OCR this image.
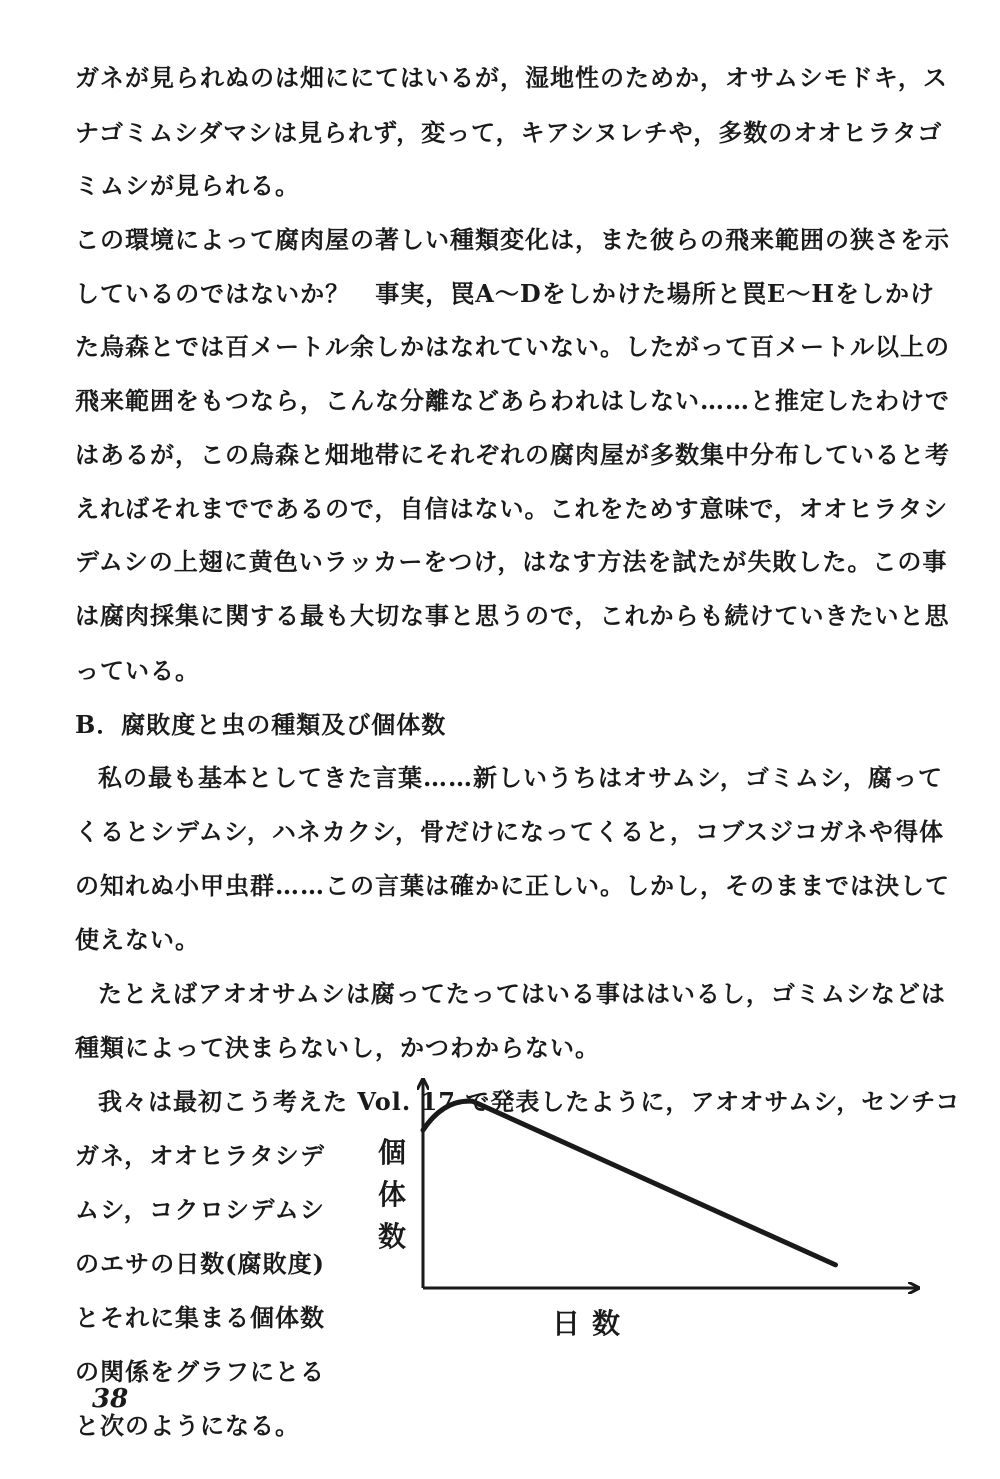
ガネが見られぬのは畑ににてはいるが，湿地性のためか，オサムシモドキ，ス
ナゴミムシダマシは見られず，変って，キアシヌレチや，多数のオオヒラタゴ
ミムシが見られる。
この環境によって腐肉屋の著しい種類変化は，また彼らの飛来範囲の狭さを示
しているのではないか？　事実，罠A～Dをしかけた場所と罠E～Hをしかけ
た烏森とでは百メートル余しかはなれていない。したがって百メートル以上の
飛来範囲をもつなら，こんな分離などあらわれはしない……と推定したわけで
はあるが，この烏森と畑地帯にそれぞれの腐肉屋が多数集中分布していると考
えればそれまでであるので，自信はない。これをためす意味で，オオヒラタシ
デムシの上翅に黄色いラッカーをつけ，はなす方法を試たが失敗した。この事
は腐肉採集に関する最も大切な事と思うので，これからも続けていきたいと思
っている。
B．腐敗度と虫の種類及び個体数
私の最も基本としてきた言葉……新しいうちはオサムシ，ゴミムシ，腐って
くるとシデムシ，ハネカクシ，骨だけになってくると，コブスジコガネや得体
の知れぬ小甲虫群……この言葉は確かに正しい。しかし，そのままでは決して
使えない。
たとえばアオオサムシは腐ってたってはいる事ははいるし，ゴミムシなどは
種類によって決まらないし，かつわからない。
我々は最初こう考えた Vol. 17 で発表したように，アオオサムシ，センチコ
ガネ，オオヒラタシデ
ムシ，コクロシデムシ
のエサの日数(腐敗度)
とそれに集まる個体数
の関係をグラフにとる
と次のようになる。
個
体
数
日数
38
